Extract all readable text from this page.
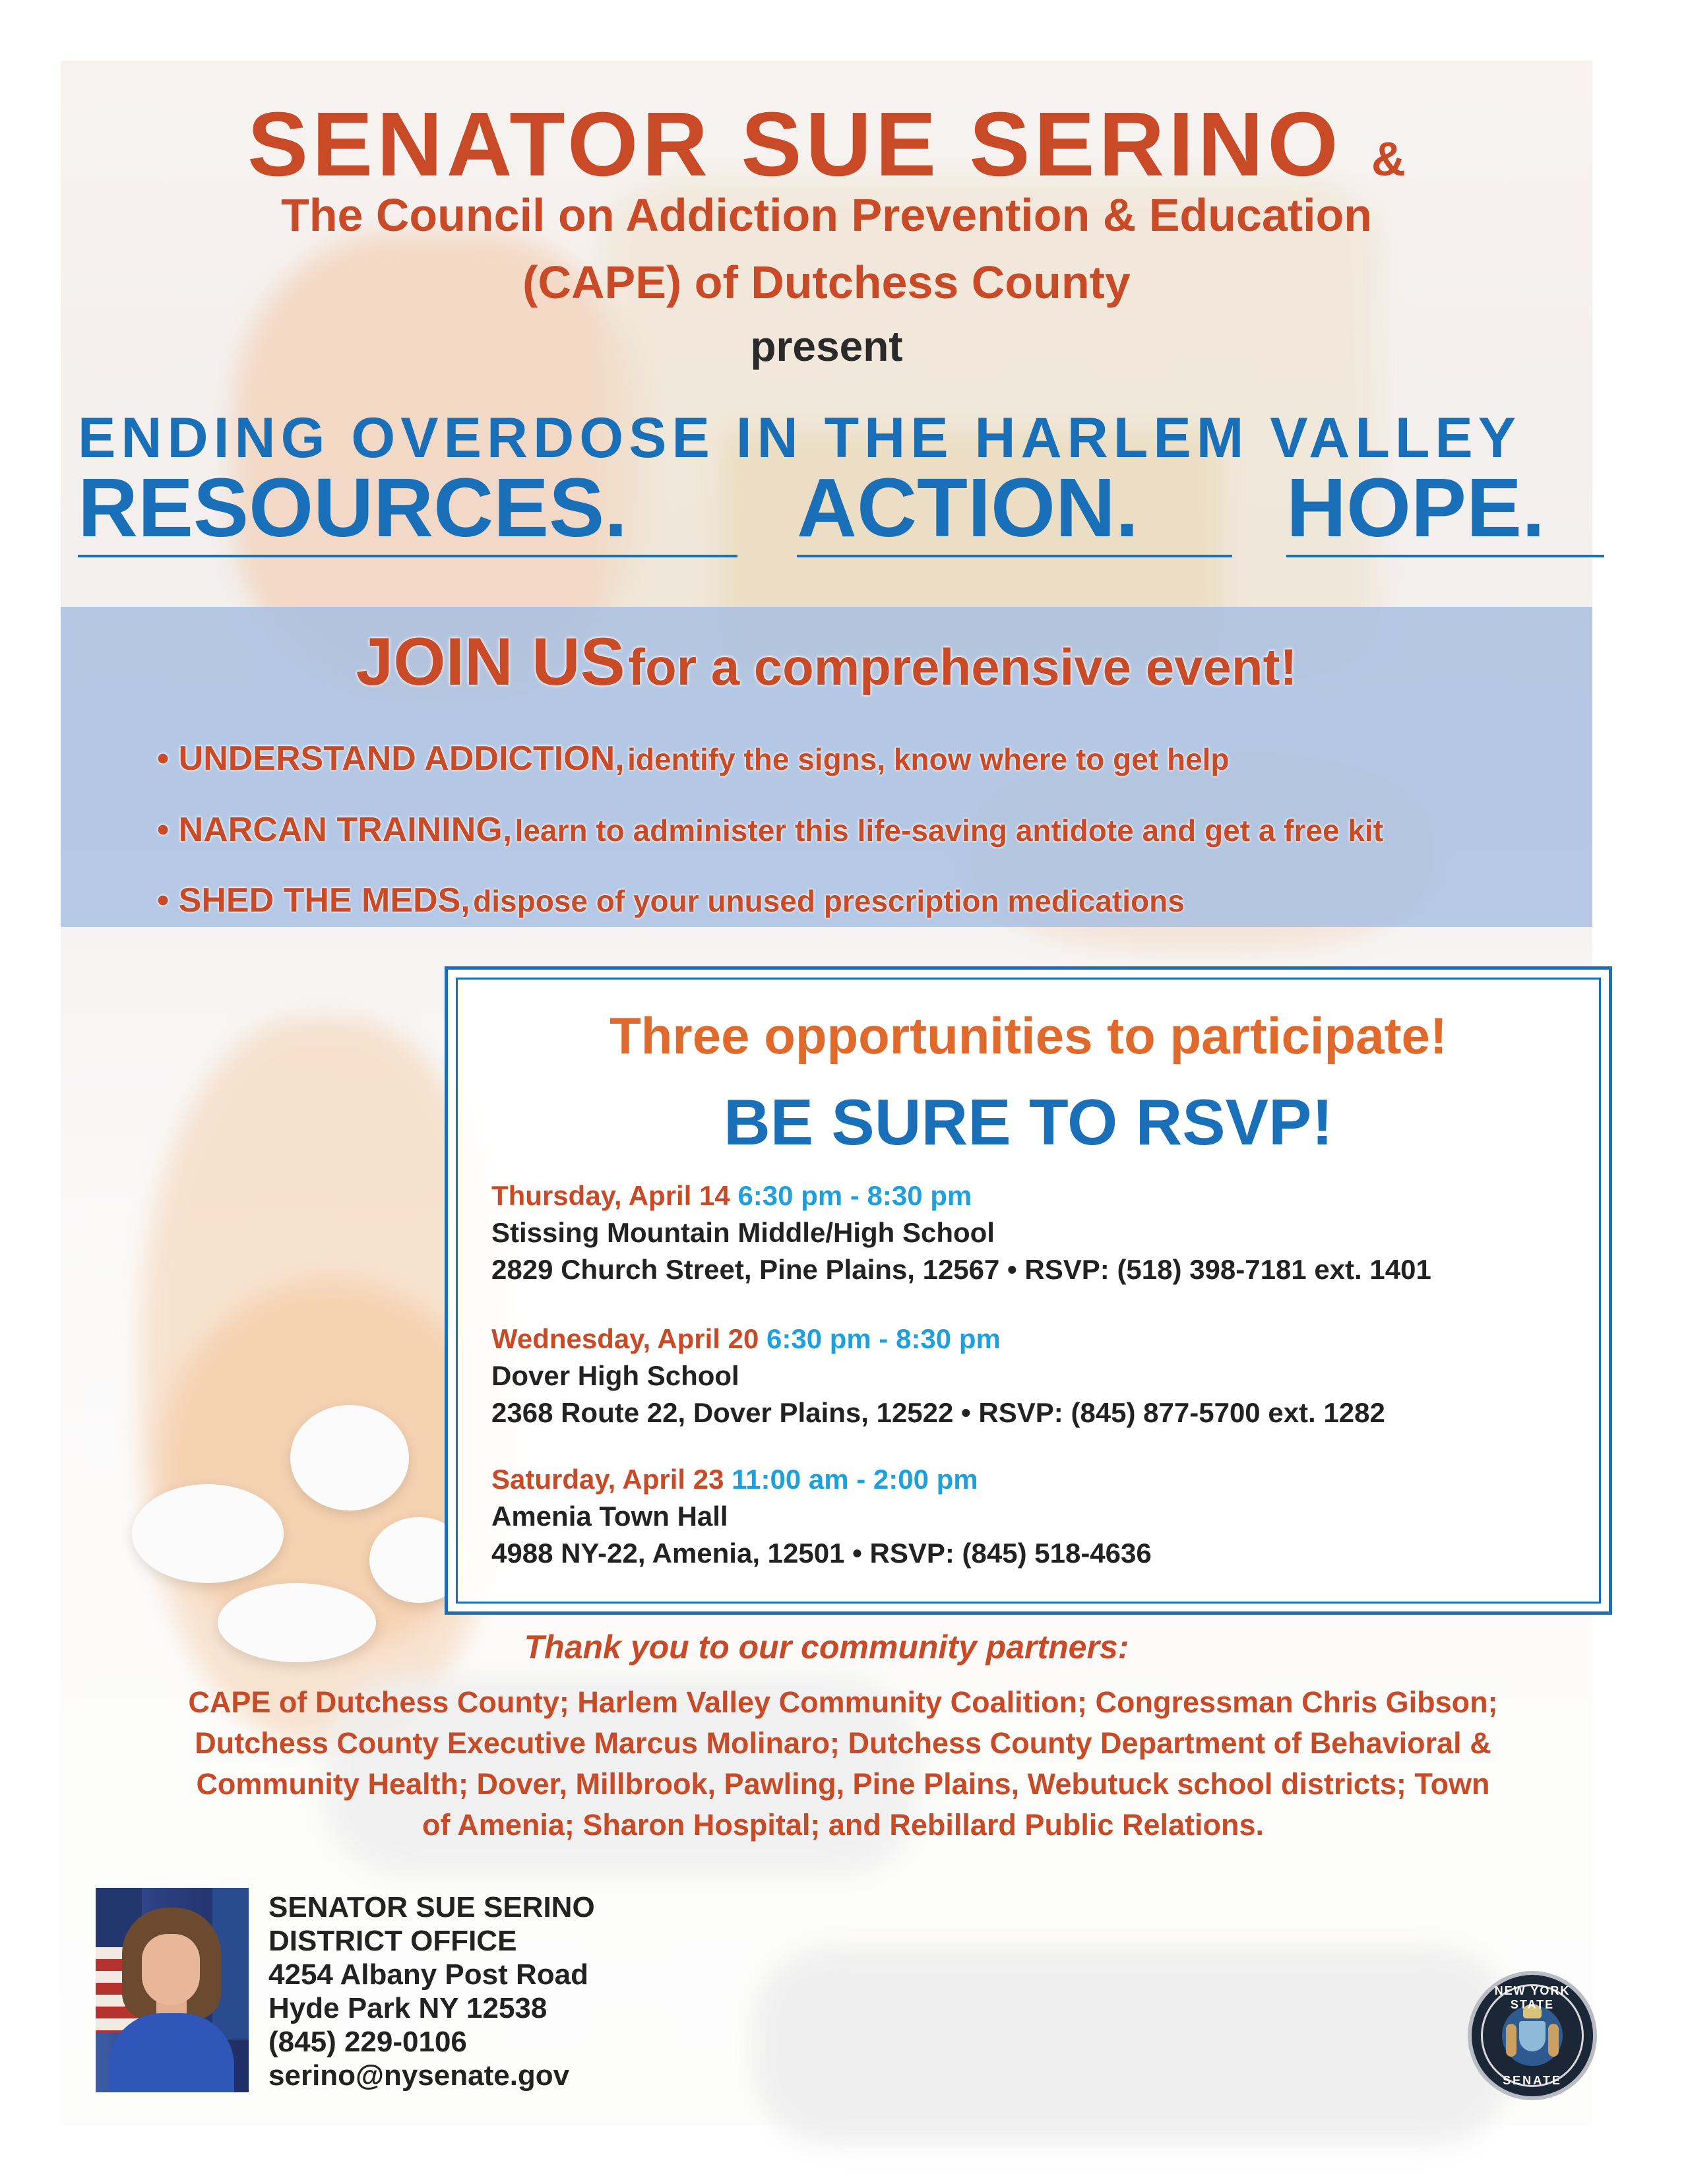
SENATOR SUE SERINO &
The Council on Addiction Prevention & Education
(CAPE) of Dutchess County
present
ENDING OVERDOSE IN THE HARLEM VALLEY
RESOURCES.	ACTION.	HOPE.
JOIN US for a comprehensive event!
• UNDERSTAND ADDICTION, identify the signs, know where to get help
• NARCAN TRAINING, learn to administer this life-saving antidote and get a free kit
• SHED THE MEDS, dispose of your unused prescription medications
Three opportunities to participate!
BE SURE TO RSVP!
Thursday, April 14 6:30 pm - 8:30 pm
Stissing Mountain Middle/High School
2829 Church Street, Pine Plains, 12567 • RSVP: (518) 398-7181 ext. 1401
Wednesday, April 20 6:30 pm - 8:30 pm
Dover High School
2368 Route 22, Dover Plains, 12522 • RSVP: (845) 877-5700 ext. 1282
Saturday, April 23 11:00 am - 2:00 pm
Amenia Town Hall
4988 NY-22, Amenia, 12501 • RSVP: (845) 518-4636
Thank you to our community partners:
CAPE of Dutchess County; Harlem Valley Community Coalition; Congressman Chris Gibson;
Dutchess County Executive Marcus Molinaro; Dutchess County Department of Behavioral &
Community Health; Dover, Millbrook, Pawling, Pine Plains, Webutuck school districts; Town
of Amenia; Sharon Hospital; and Rebillard Public Relations.
SENATOR SUE SERINO
DISTRICT OFFICE
4254 Albany Post Road
Hyde Park NY 12538
(845) 229-0106
serino@nysenate.gov
NEW YORK STATE
SENATE
